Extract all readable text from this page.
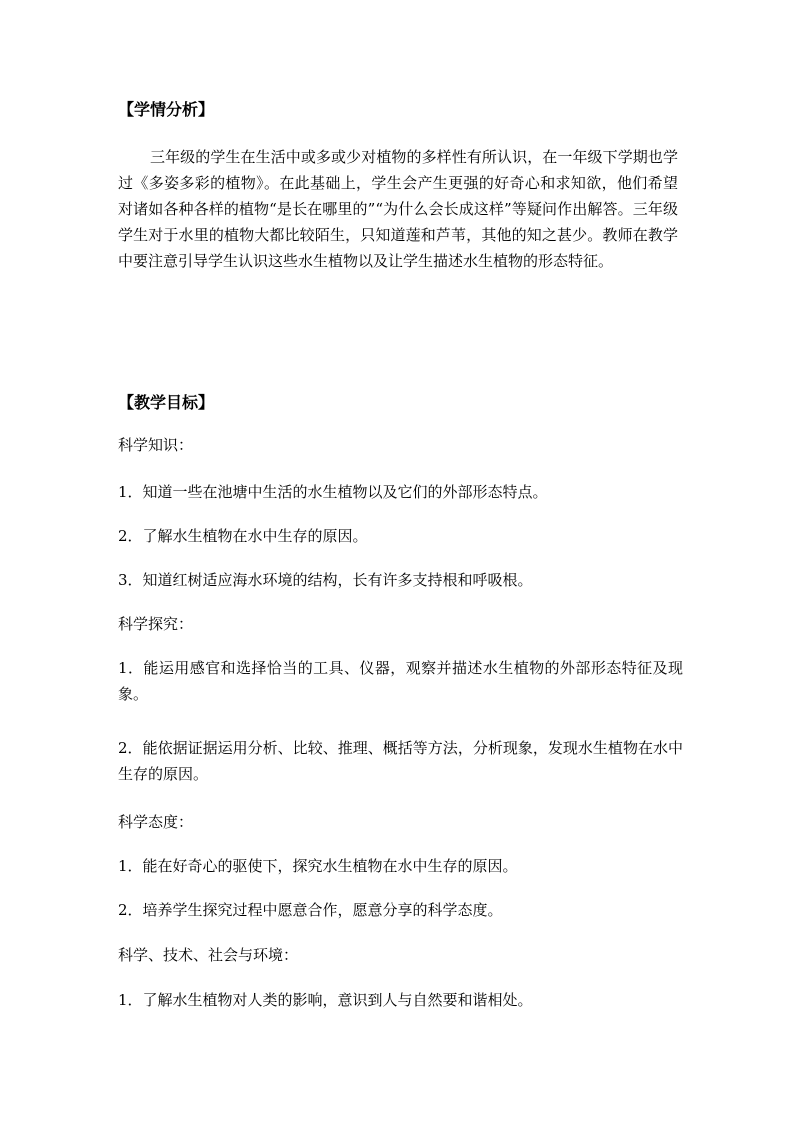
【学情分析】

三年级的学生在生活中或多或少对植物的多样性有所认识，在一年级下学期也学过《多姿多彩的植物》。在此基础上，学生会产生更强的好奇心和求知欲，他们希望对诸如各种各样的植物“是长在哪里的”“为什么会长成这样”等疑问作出解答。三年级学生对于水里的植物大都比较陌生，只知道莲和芦苇，其他的知之甚少。教师在教学中要注意引导学生认识这些水生植物以及让学生描述水生植物的形态特征。

【教学目标】

科学知识：

1．知道一些在池塘中生活的水生植物以及它们的外部形态特点。

2．了解水生植物在水中生存的原因。

3．知道红树适应海水环境的结构，长有许多支持根和呼吸根。

科学探究：

1．能运用感官和选择恰当的工具、仪器，观察并描述水生植物的外部形态特征及现象。

2．能依据证据运用分析、比较、推理、概括等方法，分析现象，发现水生植物在水中生存的原因。

科学态度：

1．能在好奇心的驱使下，探究水生植物在水中生存的原因。

2．培养学生探究过程中愿意合作，愿意分享的科学态度。

科学、技术、社会与环境：

1．了解水生植物对人类的影响，意识到人与自然要和谐相处。
